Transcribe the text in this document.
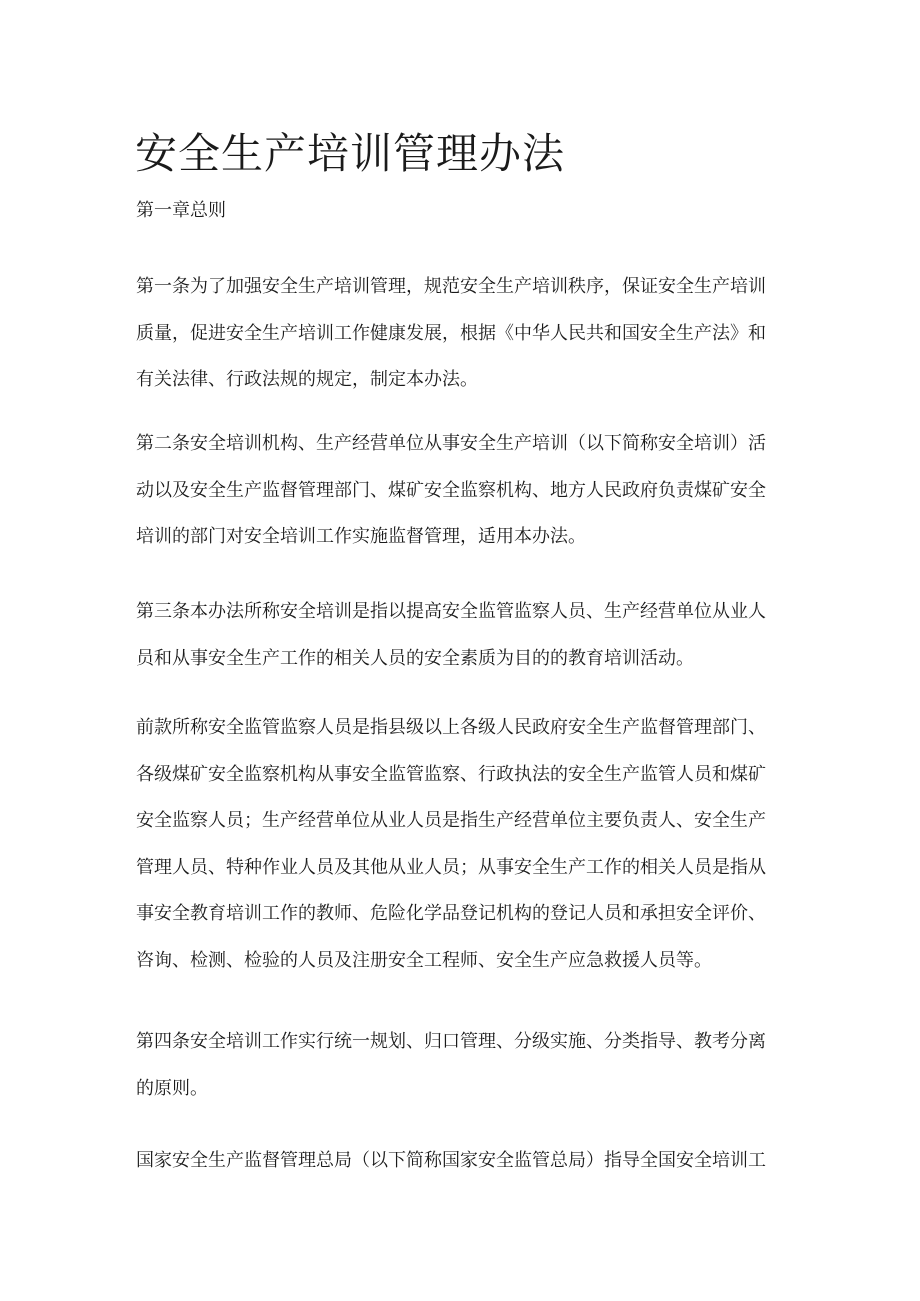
安全生产培训管理办法

第一章总则

第一条为了加强安全生产培训管理，规范安全生产培训秩序，保证安全生产培训
质量，促进安全生产培训工作健康发展，根据《中华人民共和国安全生产法》和
有关法律、行政法规的规定，制定本办法。

第二条安全培训机构、生产经营单位从事安全生产培训（以下简称安全培训）活
动以及安全生产监督管理部门、煤矿安全监察机构、地方人民政府负责煤矿安全
培训的部门对安全培训工作实施监督管理，适用本办法。

第三条本办法所称安全培训是指以提高安全监管监察人员、生产经营单位从业人
员和从事安全生产工作的相关人员的安全素质为目的的教育培训活动。

前款所称安全监管监察人员是指县级以上各级人民政府安全生产监督管理部门、
各级煤矿安全监察机构从事安全监管监察、行政执法的安全生产监管人员和煤矿
安全监察人员；生产经营单位从业人员是指生产经营单位主要负责人、安全生产
管理人员、特种作业人员及其他从业人员；从事安全生产工作的相关人员是指从
事安全教育培训工作的教师、危险化学品登记机构的登记人员和承担安全评价、
咨询、检测、检验的人员及注册安全工程师、安全生产应急救援人员等。

第四条安全培训工作实行统一规划、归口管理、分级实施、分类指导、教考分离
的原则。

国家安全生产监督管理总局（以下简称国家安全监管总局）指导全国安全培训工
